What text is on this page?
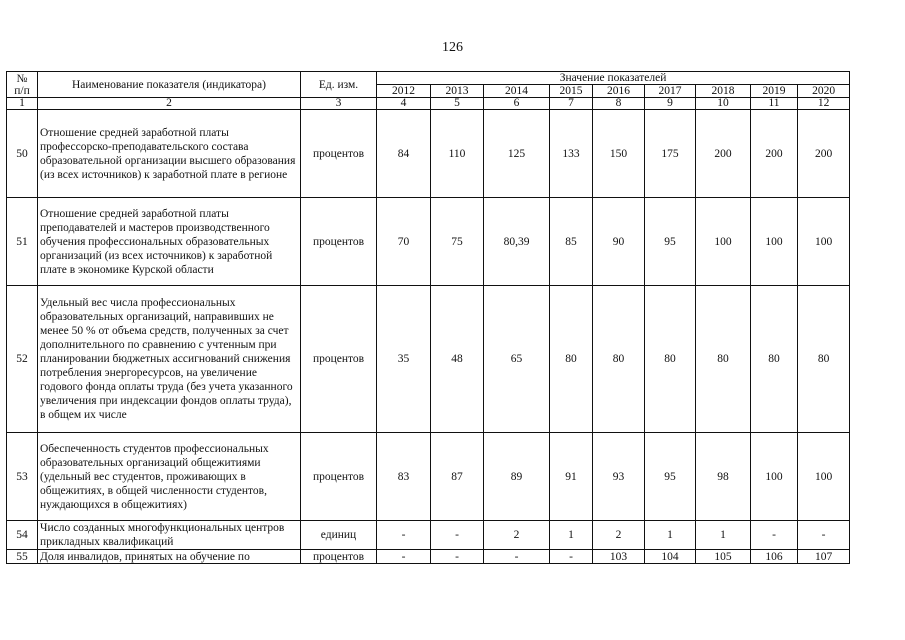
126
№
п/п	Наименование показателя (индикатора)	Ед. изм.	Значение показателей								
			2012	2013	2014	2015	2016	2017	2018	2019	2020
1	2	3	4	5	6	7	8	9	10	11	12
50	Отношение средней заработной платы профессорско-преподавательского состава образовательной организации высшего образования (из всех источников) к заработной плате в регионе	процентов	84	110	125	133	150	175	200	200	200
51	Отношение средней заработной платы преподавателей и мастеров производственного обучения профессиональных образовательных организаций (из всех источников) к заработной плате в экономике Курской области	процентов	70	75	80,39	85	90	95	100	100	100
52	Удельный вес числа профессиональных образовательных организаций, направивших не менее 50 % от объема средств, полученных за счет дополнительного по сравнению с учтенным при планировании бюджетных ассигнований снижения потребления энергоресурсов, на увеличение годового фонда оплаты труда (без учета указанного увеличения при индексации фондов оплаты труда), в общем их числе	процентов	35	48	65	80	80	80	80	80	80
53	Обеспеченность студентов профессиональных образовательных организаций общежитиями (удельный вес студентов, проживающих в общежитиях, в общей численности студентов, нуждающихся в общежитиях)	процентов	83	87	89	91	93	95	98	100	100
54	Число созданных многофункциональных центров прикладных квалификаций	единиц	-	-	2	1	2	1	1	-	-
55	Доля инвалидов, принятых на обучение по	процентов	-	-	-	-	103	104	105	106	107
